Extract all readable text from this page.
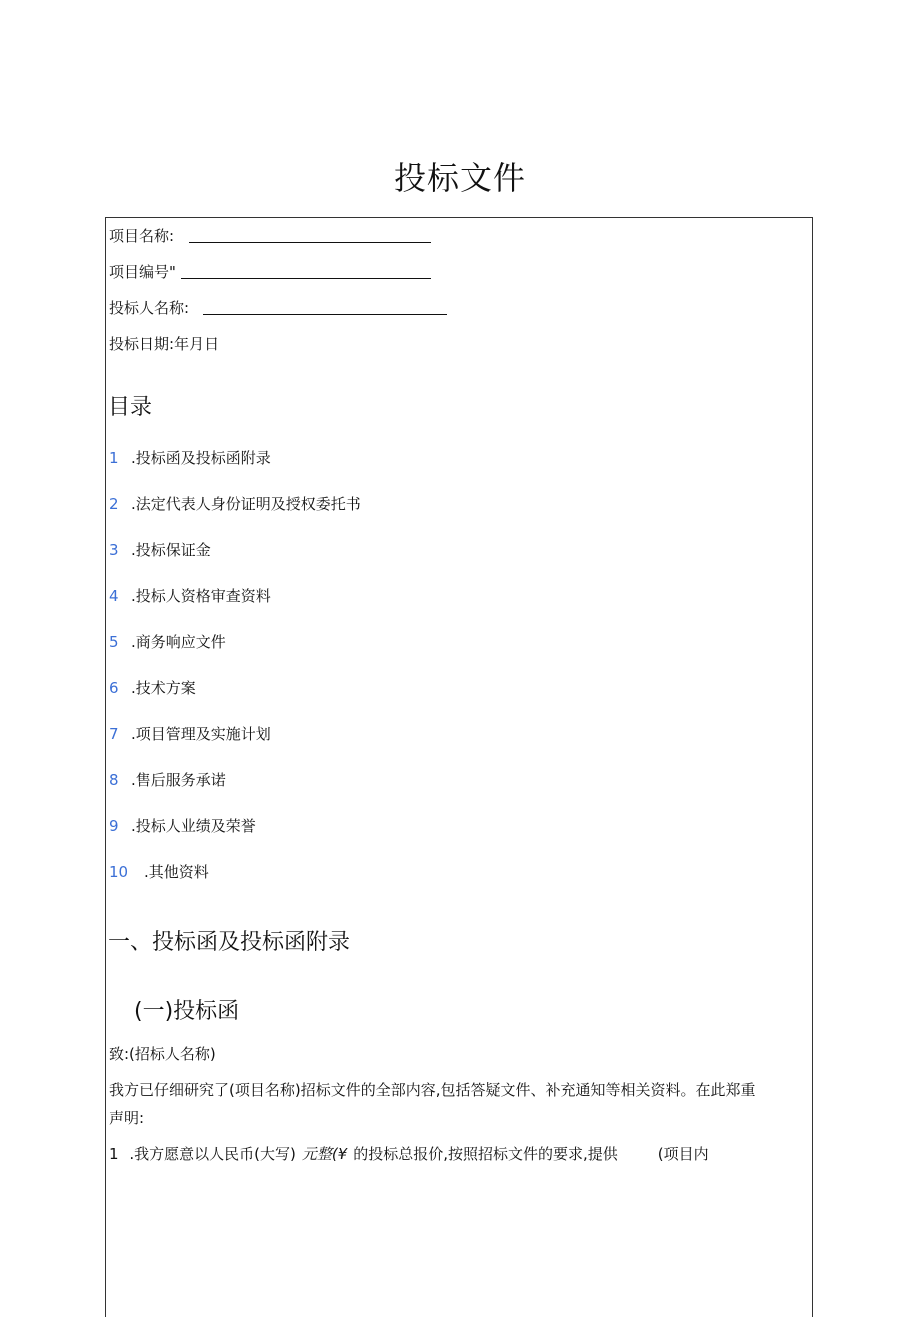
投标文件
项目名称:
项目编号"
投标人名称:
投标日期:年月日
目录
1 .投标函及投标函附录
2 .法定代表人身份证明及授权委托书
3 .投标保证金
4 .投标人资格审查资料
5 .商务响应文件
6 .技术方案
7 .项目管理及实施计划
8 .售后服务承诺
9 .投标人业绩及荣誉
10 .其他资料
一、投标函及投标函附录
(一)投标函
致:(招标人名称)
我方已仔细研究了(项目名称)招标文件的全部内容,包括答疑文件、补充通知等相关资料。在此郑重
声明:
1 .我方愿意以人民币(大写) 元整(¥ 的投标总报价,按照招标文件的要求,提供	(项目内
